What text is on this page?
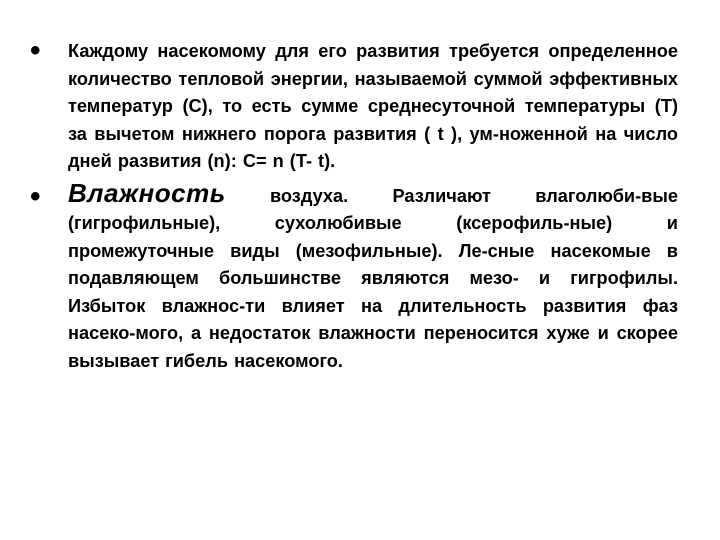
•	Каждому насекомому для его развития требуется определенное количество тепловой энергии, называемой суммой эффективных температур (С), то есть сумме среднесуточной температуры (Т) за вычетом нижнего порога развития ( t ), ум-ноженной на число дней развития (n): C= n (T- t).

•	Влажность воздуха. Различают влаголюби-вые (гигрофильные), сухолюбивые (ксерофиль-ные) и промежуточные виды (мезофильные). Ле-сные насекомые в подавляющем большинстве являются мезо- и гигрофилы. Избыток влажнос-ти влияет на длительность развития фаз насеко-мого, а недостаток влажности переносится хуже и скорее вызывает гибель насекомого.
